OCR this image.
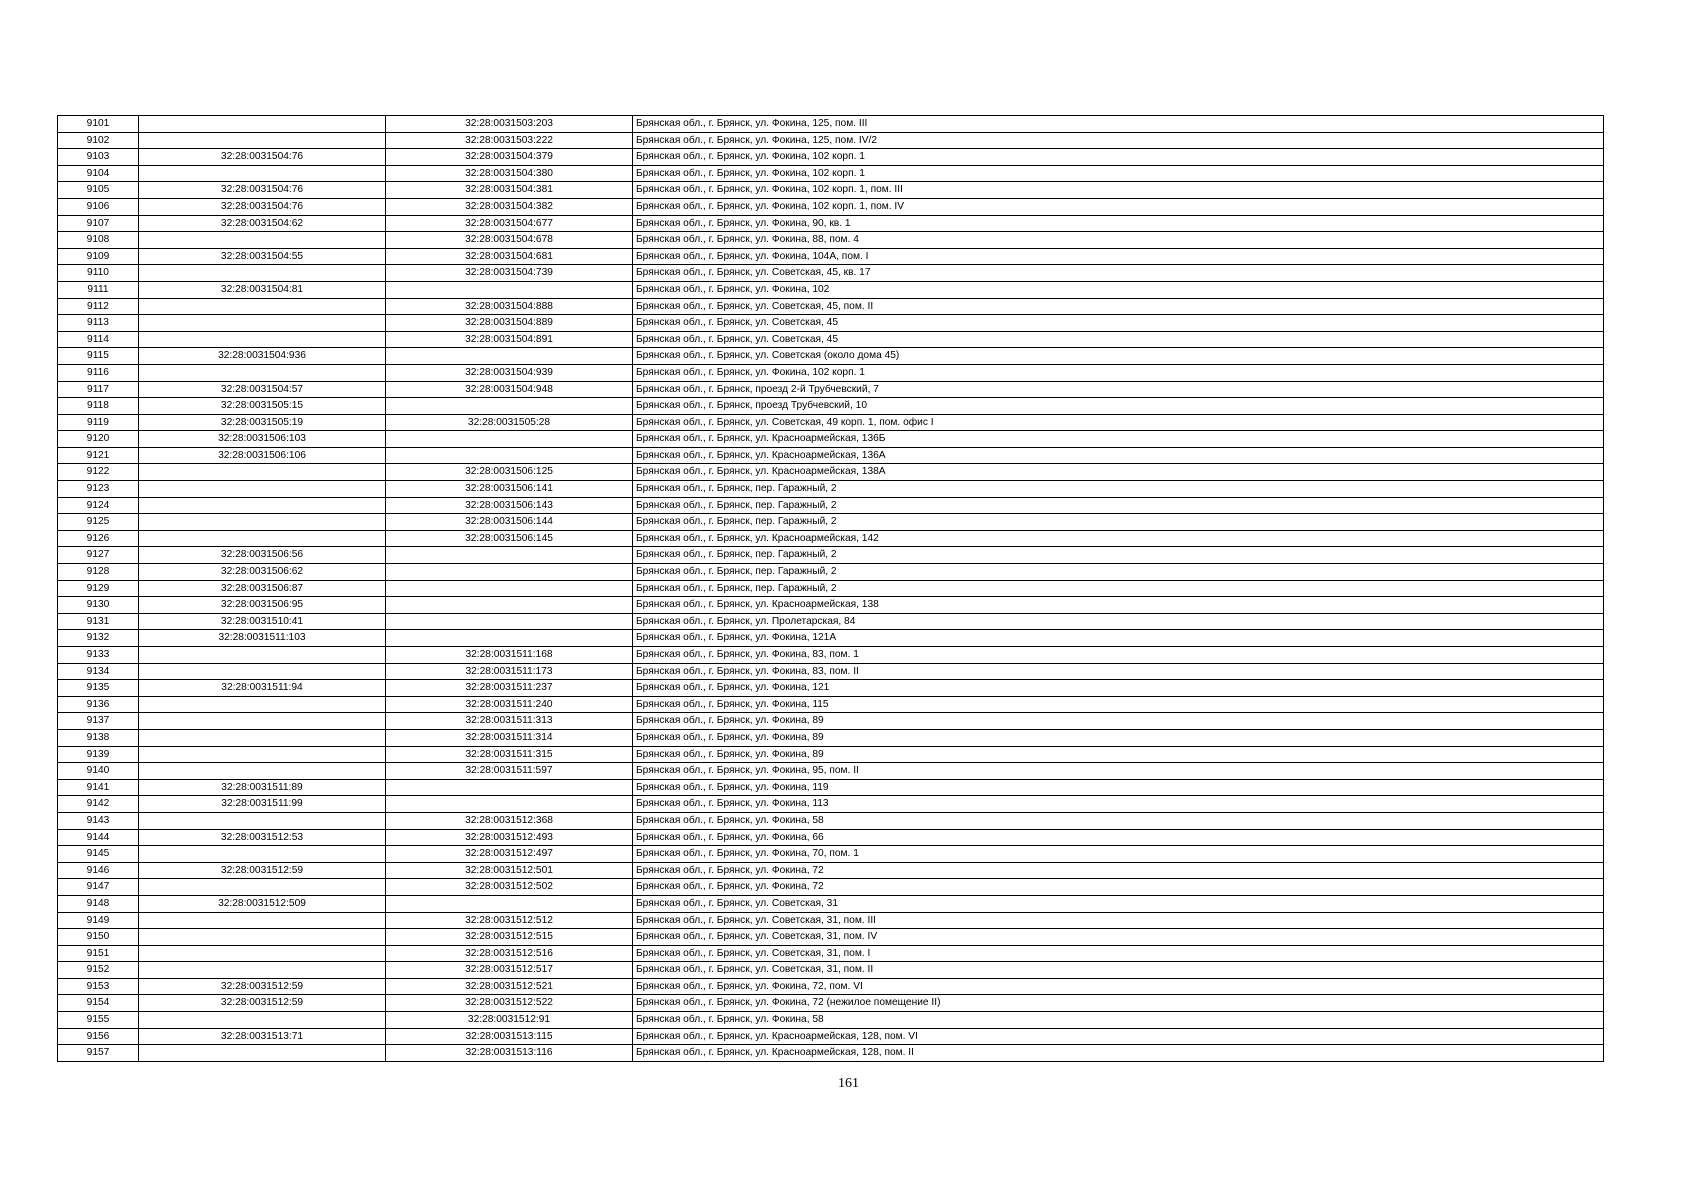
9101		32:28:0031503:203	Брянская обл., г. Брянск, ул. Фокина, 125, пом. III
9102		32:28:0031503:222	Брянская обл., г. Брянск, ул. Фокина, 125, пом. IV/2
9103	32:28:0031504:76	32:28:0031504:379	Брянская обл., г. Брянск, ул. Фокина, 102 корп. 1
9104		32:28:0031504:380	Брянская обл., г. Брянск, ул. Фокина, 102 корп. 1
9105	32:28:0031504:76	32:28:0031504:381	Брянская обл., г. Брянск, ул. Фокина, 102 корп. 1, пом. III
9106	32:28:0031504:76	32:28:0031504:382	Брянская обл., г. Брянск, ул. Фокина, 102 корп. 1, пом. IV
9107	32:28:0031504:62	32:28:0031504:677	Брянская обл., г. Брянск, ул. Фокина, 90, кв. 1
9108		32:28:0031504:678	Брянская обл., г. Брянск, ул. Фокина, 88, пом. 4
9109	32:28:0031504:55	32:28:0031504:681	Брянская обл., г. Брянск, ул. Фокина, 104А, пом. I
9110		32:28:0031504:739	Брянская обл., г. Брянск, ул. Советская, 45, кв. 17
9111	32:28:0031504:81		Брянская обл., г. Брянск, ул. Фокина, 102
9112		32:28:0031504:888	Брянская обл., г. Брянск, ул. Советская, 45, пом. II
9113		32:28:0031504:889	Брянская обл., г. Брянск, ул. Советская, 45
9114		32:28:0031504:891	Брянская обл., г. Брянск, ул. Советская, 45
9115	32:28:0031504:936		Брянская обл., г. Брянск, ул. Советская (около дома 45)
9116		32:28:0031504:939	Брянская обл., г. Брянск, ул. Фокина, 102 корп. 1
9117	32:28:0031504:57	32:28:0031504:948	Брянская обл., г. Брянск, проезд 2-й Трубчевский, 7
9118	32:28:0031505:15		Брянская обл., г. Брянск, проезд Трубчевский, 10
9119	32:28:0031505:19	32:28:0031505:28	Брянская обл., г. Брянск, ул. Советская, 49 корп. 1, пом. офис I
9120	32:28:0031506:103		Брянская обл., г. Брянск, ул. Красноармейская, 136Б
9121	32:28:0031506:106		Брянская обл., г. Брянск, ул. Красноармейская, 136А
9122		32:28:0031506:125	Брянская обл., г. Брянск, ул. Красноармейская, 138А
9123		32:28:0031506:141	Брянская обл., г. Брянск, пер. Гаражный, 2
9124		32:28:0031506:143	Брянская обл., г. Брянск, пер. Гаражный, 2
9125		32:28:0031506:144	Брянская обл., г. Брянск, пер. Гаражный, 2
9126		32:28:0031506:145	Брянская обл., г. Брянск, ул. Красноармейская, 142
9127	32:28:0031506:56		Брянская обл., г. Брянск, пер. Гаражный, 2
9128	32:28:0031506:62		Брянская обл., г. Брянск, пер. Гаражный, 2
9129	32:28:0031506:87		Брянская обл., г. Брянск, пер. Гаражный, 2
9130	32:28:0031506:95		Брянская обл., г. Брянск, ул. Красноармейская, 138
9131	32:28:0031510:41		Брянская обл., г. Брянск, ул. Пролетарская, 84
9132	32:28:0031511:103		Брянская обл., г. Брянск, ул. Фокина, 121А
9133		32:28:0031511:168	Брянская обл., г. Брянск, ул. Фокина, 83, пом. 1
9134		32:28:0031511:173	Брянская обл., г. Брянск, ул. Фокина, 83, пом. II
9135	32:28:0031511:94	32:28:0031511:237	Брянская обл., г. Брянск, ул. Фокина, 121
9136		32:28:0031511:240	Брянская обл., г. Брянск, ул. Фокина, 115
9137		32:28:0031511:313	Брянская обл., г. Брянск, ул. Фокина, 89
9138		32:28:0031511:314	Брянская обл., г. Брянск, ул. Фокина, 89
9139		32:28:0031511:315	Брянская обл., г. Брянск, ул. Фокина, 89
9140		32:28:0031511:597	Брянская обл., г. Брянск, ул. Фокина, 95, пом. II
9141	32:28:0031511:89		Брянская обл., г. Брянск, ул. Фокина, 119
9142	32:28:0031511:99		Брянская обл., г. Брянск, ул. Фокина, 113
9143		32:28:0031512:368	Брянская обл., г. Брянск, ул. Фокина, 58
9144	32:28:0031512:53	32:28:0031512:493	Брянская обл., г. Брянск, ул. Фокина, 66
9145		32:28:0031512:497	Брянская обл., г. Брянск, ул. Фокина, 70, пом. 1
9146	32:28:0031512:59	32:28:0031512:501	Брянская обл., г. Брянск, ул. Фокина, 72
9147		32:28:0031512:502	Брянская обл., г. Брянск, ул. Фокина, 72
9148	32:28:0031512:509		Брянская обл., г. Брянск, ул. Советская, 31
9149		32:28:0031512:512	Брянская обл., г. Брянск, ул. Советская, 31, пом. III
9150		32:28:0031512:515	Брянская обл., г. Брянск, ул. Советская, 31, пом. IV
9151		32:28:0031512:516	Брянская обл., г. Брянск, ул. Советская, 31, пом. I
9152		32:28:0031512:517	Брянская обл., г. Брянск, ул. Советская, 31, пом. II
9153	32:28:0031512:59	32:28:0031512:521	Брянская обл., г. Брянск, ул. Фокина, 72, пом. VI
9154	32:28:0031512:59	32:28:0031512:522	Брянская обл., г. Брянск, ул. Фокина, 72 (нежилое помещение II)
9155		32:28:0031512:91	Брянская обл., г. Брянск, ул. Фокина, 58
9156	32:28:0031513:71	32:28:0031513:115	Брянская обл., г. Брянск, ул. Красноармейская, 128, пом. VI
9157		32:28:0031513:116	Брянская обл., г. Брянск, ул. Красноармейская, 128, пом. II
161
